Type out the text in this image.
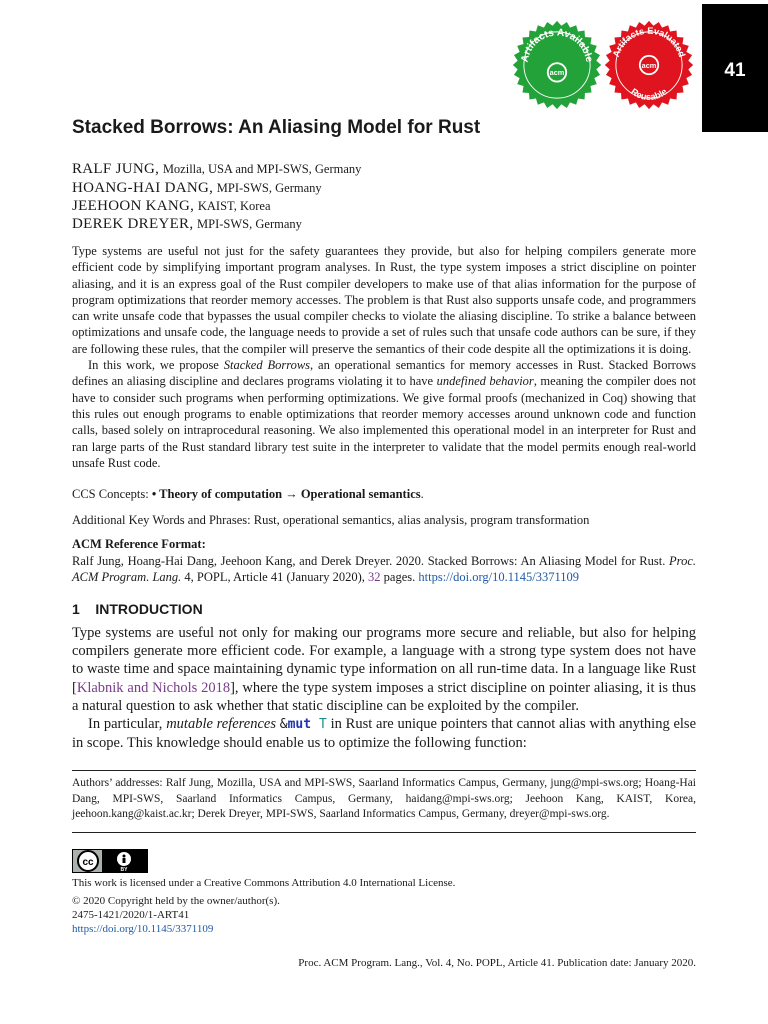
41
Artifacts Available
acm
Artifacts Evaluated
Reusable
acm
Stacked Borrows: An Aliasing Model for Rust
RALF JUNG, Mozilla, USA and MPI-SWS, Germany
HOANG-HAI DANG, MPI-SWS, Germany
JEEHOON KANG, KAIST, Korea
DEREK DREYER, MPI-SWS, Germany

Type systems are useful not just for the safety guarantees they provide, but also for helping compilers generate more efficient code by simplifying important program analyses. In Rust, the type system imposes a strict discipline on pointer aliasing, and it is an express goal of the Rust compiler developers to make use of that alias information for the purpose of program optimizations that reorder memory accesses. The problem is that Rust also supports unsafe code, and programmers can write unsafe code that bypasses the usual compiler checks to violate the aliasing discipline. To strike a balance between optimizations and unsafe code, the language needs to provide a set of rules such that unsafe code authors can be sure, if they are following these rules, that the compiler will preserve the semantics of their code despite all the optimizations it is doing.

In this work, we propose Stacked Borrows, an operational semantics for memory accesses in Rust. Stacked Borrows defines an aliasing discipline and declares programs violating it to have undefined behavior, meaning the compiler does not have to consider such programs when performing optimizations. We give formal proofs (mechanized in Coq) showing that this rules out enough programs to enable optimizations that reorder memory accesses around unknown code and function calls, based solely on intraprocedural reasoning. We also implemented this operational model in an interpreter for Rust and ran large parts of the Rust standard library test suite in the interpreter to validate that the model permits enough real-world unsafe Rust code.

CCS Concepts: • Theory of computation → Operational semantics.
Additional Key Words and Phrases: Rust, operational semantics, alias analysis, program transformation
ACM Reference Format:
Ralf Jung, Hoang-Hai Dang, Jeehoon Kang, and Derek Dreyer. 2020. Stacked Borrows: An Aliasing Model for Rust. Proc. ACM Program. Lang. 4, POPL, Article 41 (January 2020), 32 pages. https://doi.org/10.1145/3371109
1 INTRODUCTION

Type systems are useful not only for making our programs more secure and reliable, but also for helping compilers generate more efficient code. For example, a language with a strong type system does not have to waste time and space maintaining dynamic type information on all run-time data. In a language like Rust [Klabnik and Nichols 2018], where the type system imposes a strict discipline on pointer aliasing, it is thus a natural question to ask whether that static discipline can be exploited by the compiler.

In particular, mutable references &mut T in Rust are unique pointers that cannot alias with anything else in scope. This knowledge should enable us to optimize the following function:

Authors’ addresses: Ralf Jung, Mozilla, USA and MPI-SWS, Saarland Informatics Campus, Germany, jung@mpi-sws.org; Hoang-Hai Dang, MPI-SWS, Saarland Informatics Campus, Germany, haidang@mpi-sws.org; Jeehoon Kang, KAIST, Korea, jeehoon.kang@kaist.ac.kr; Derek Dreyer, MPI-SWS, Saarland Informatics Campus, Germany, dreyer@mpi-sws.org.
cc
BY
This work is licensed under a Creative Commons Attribution 4.0 International License.
© 2020 Copyright held by the owner/author(s).
2475-1421/2020/1-ART41
https://doi.org/10.1145/3371109
Proc. ACM Program. Lang., Vol. 4, No. POPL, Article 41. Publication date: January 2020.
